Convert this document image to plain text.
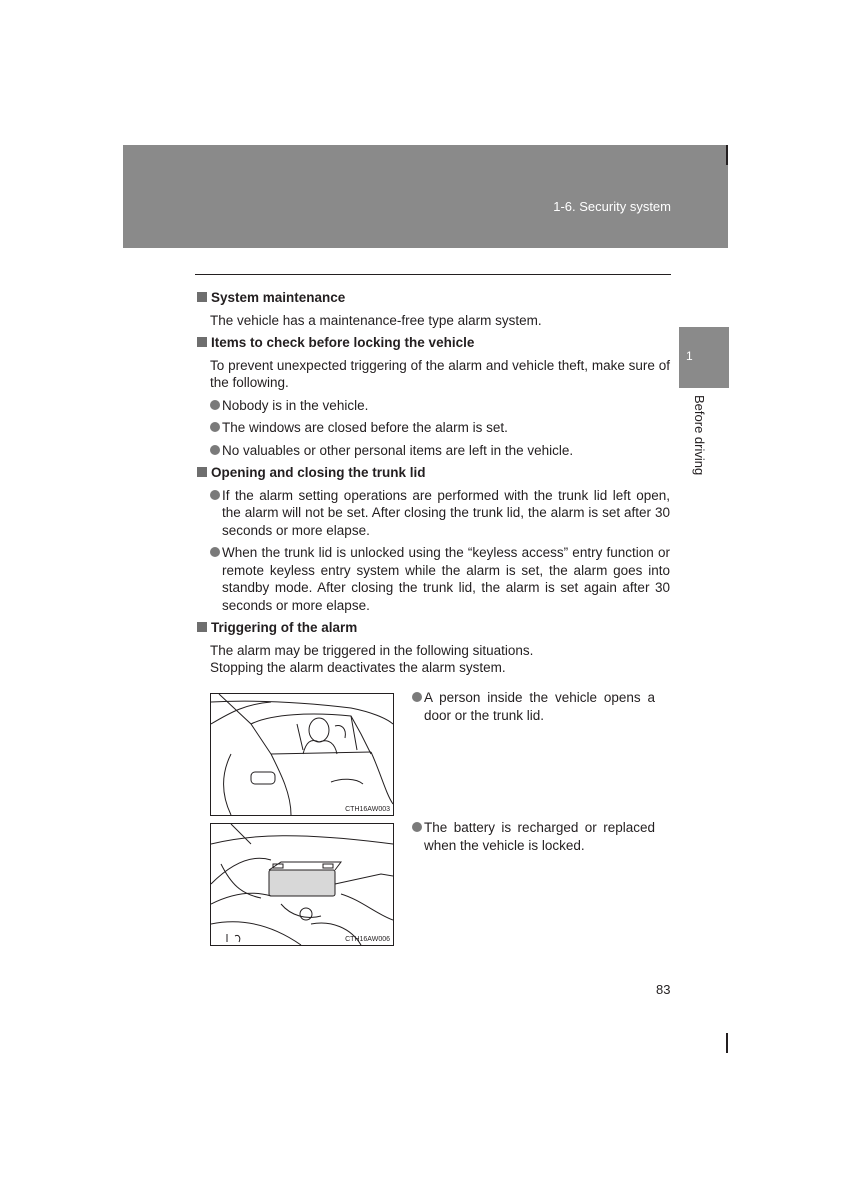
1-6. Security system
1
Before driving
System maintenance
The vehicle has a maintenance-free type alarm system.
Items to check before locking the vehicle
To prevent unexpected triggering of the alarm and vehicle theft, make sure of the following.
Nobody is in the vehicle.
The windows are closed before the alarm is set.
No valuables or other personal items are left in the vehicle.
Opening and closing the trunk lid
If the alarm setting operations are performed with the trunk lid left open, the alarm will not be set. After closing the trunk lid, the alarm is set after 30 seconds or more elapse.
When the trunk lid is unlocked using the “keyless access” entry function or remote keyless entry system while the alarm is set, the alarm goes into standby mode. After closing the trunk lid, the alarm is set again after 30 seconds or more elapse.
Triggering of the alarm
The alarm may be triggered in the following situations.
Stopping the alarm deactivates the alarm system.
CTH16AW003
A person inside the vehicle opens a door or the trunk lid.
CTH16AW006
The battery is recharged or replaced when the vehicle is locked.
83
